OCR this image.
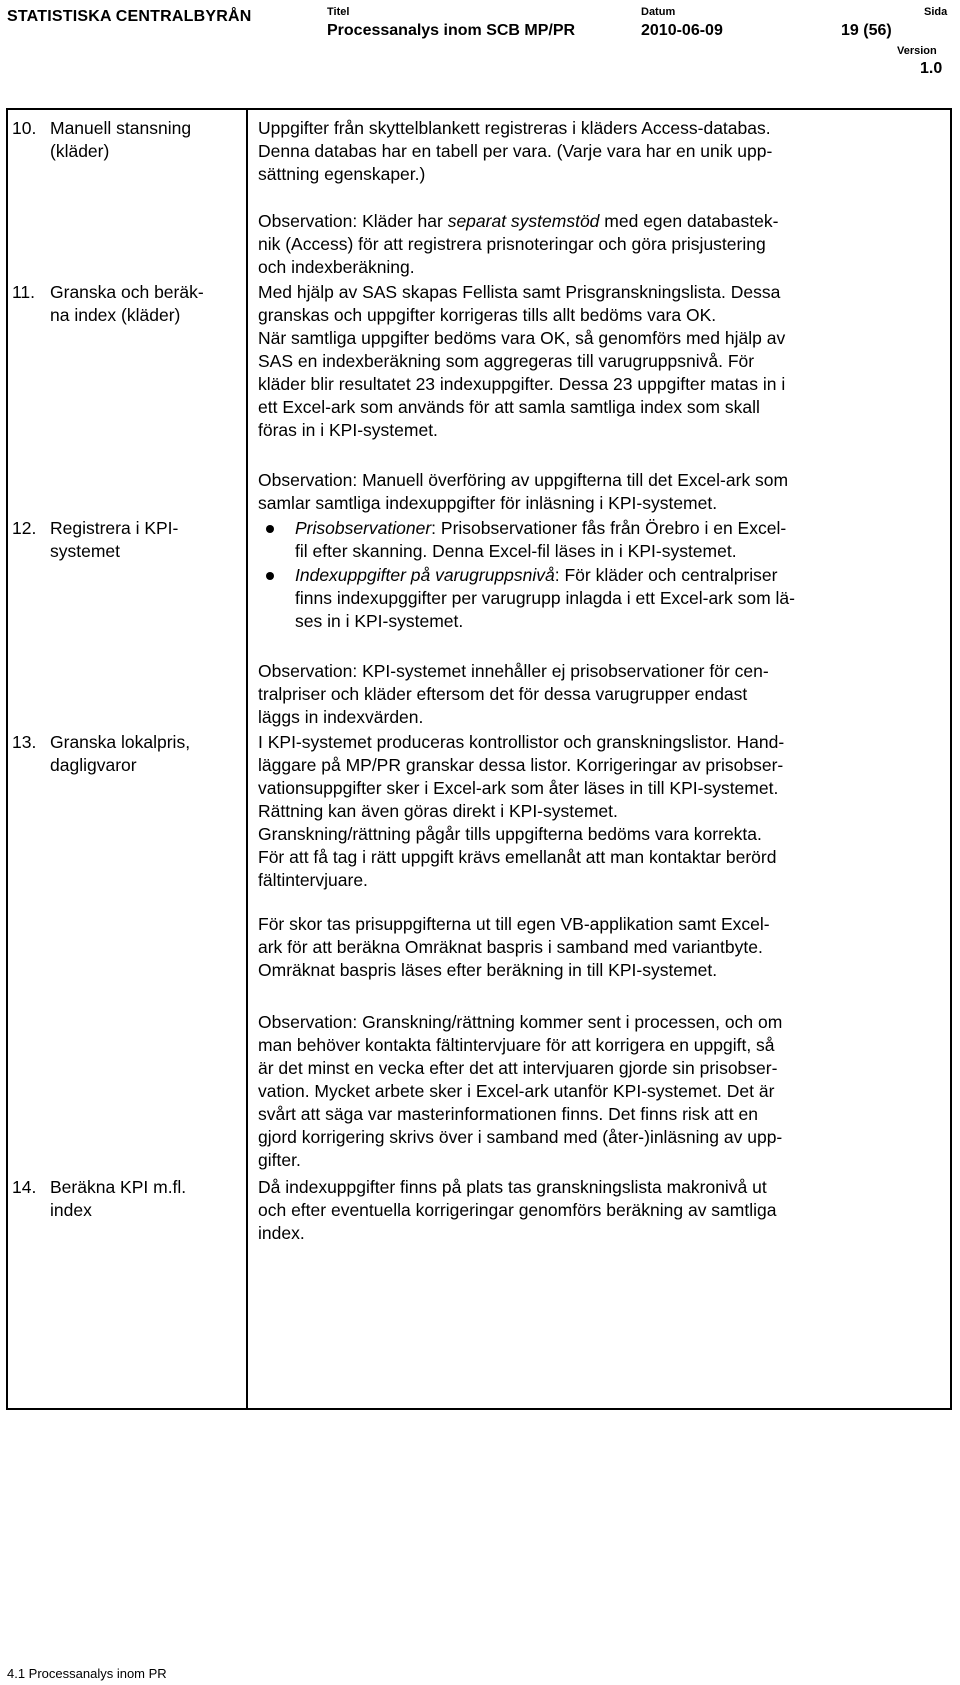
STATISTISKA CENTRALBYRÅN	Titel
Processanalys inom SCB MP/PR
Datum
2010-06-09
Sida
19 (56)
Version
1.0
10. Manuell stansning
(kläder)
11. Granska och beräk-
na index (kläder)
12. Registrera i KPI-
systemet
13. Granska lokalpris,
dagligvaror
14. Beräkna KPI m.fl.
index
Uppgifter från skyttelblankett registreras i kläders Access-databas.
Denna databas har en tabell per vara. (Varje vara har en unik upp-
sättning egenskaper.)
Observation: Kläder har separat systemstöd med egen databastek-
nik (Access) för att registrera prisnoteringar och göra prisjustering
och indexberäkning.
Med hjälp av SAS skapas Fellista samt Prisgranskningslista. Dessa
granskas och uppgifter korrigeras tills allt bedöms vara OK.
När samtliga uppgifter bedöms vara OK, så genomförs med hjälp av
SAS en indexberäkning som aggregeras till varugruppsnivå. För
kläder blir resultatet 23 indexuppgifter. Dessa 23 uppgifter matas in i
ett Excel-ark som används för att samla samtliga index som skall
föras in i KPI-systemet.
Observation: Manuell överföring av uppgifterna till det Excel-ark som
samlar samtliga indexuppgifter för inläsning i KPI-systemet.
Prisobservationer: Prisobservationer fås från Örebro i en Excel-
fil efter skanning. Denna Excel-fil läses in i KPI-systemet.
Indexuppgifter på varugruppsnivå: För kläder och centralpriser
finns indexupggifter per varugrupp inlagda i ett Excel-ark som lä-
ses in i KPI-systemet.
Observation: KPI-systemet innehåller ej prisobservationer för cen-
tralpriser och kläder eftersom det för dessa varugrupper endast
läggs in indexvärden.
I KPI-systemet produceras kontrollistor och granskningslistor. Hand-
läggare på MP/PR granskar dessa listor. Korrigeringar av prisobser-
vationsuppgifter sker i Excel-ark som åter läses in till KPI-systemet.
Rättning kan även göras direkt i KPI-systemet.
Granskning/rättning pågår tills uppgifterna bedöms vara korrekta.
För att få tag i rätt uppgift krävs emellanåt att man kontaktar berörd
fältintervjuare.
För skor tas prisuppgifterna ut till egen VB-applikation samt Excel-
ark för att beräkna Omräknat baspris i samband med variantbyte.
Omräknat baspris läses efter beräkning in till KPI-systemet.
Observation: Granskning/rättning kommer sent i processen, och om
man behöver kontakta fältintervjuare för att korrigera en uppgift, så
är det minst en vecka efter det att intervjuaren gjorde sin prisobser-
vation. Mycket arbete sker i Excel-ark utanför KPI-systemet. Det är
svårt att säga var masterinformationen finns. Det finns risk att en
gjord korrigering skrivs över i samband med (åter-)inläsning av upp-
gifter.
Då indexuppgifter finns på plats tas granskningslista makronivå ut
och efter eventuella korrigeringar genomförs beräkning av samtliga
index.
4.1 Processanalys inom PR
